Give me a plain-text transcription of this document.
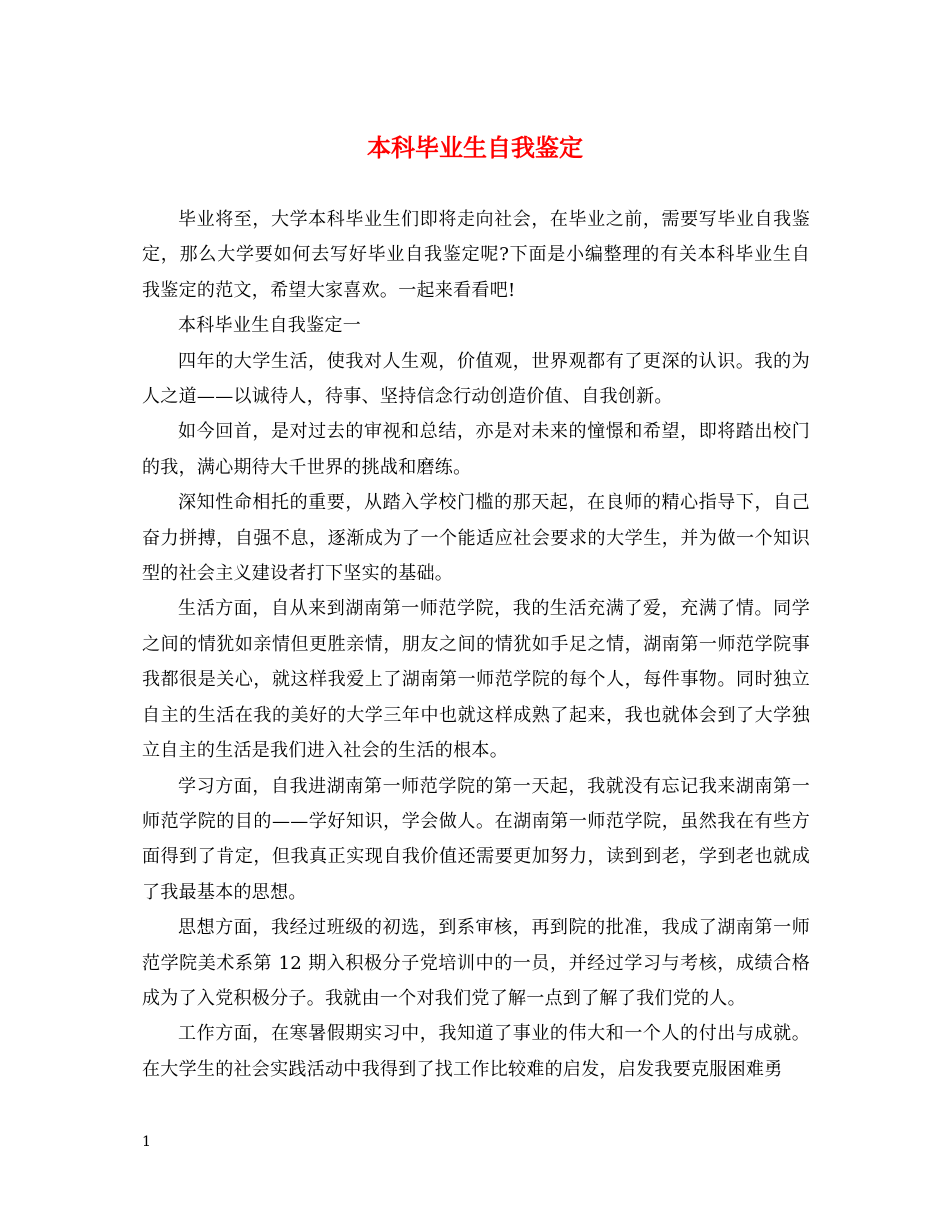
本科毕业生自我鉴定

毕业将至，大学本科毕业生们即将走向社会，在毕业之前，需要写毕业自我鉴定，那么大学要如何去写好毕业自我鉴定呢?下面是小编整理的有关本科毕业生自我鉴定的范文，希望大家喜欢。一起来看看吧!

本科毕业生自我鉴定一

四年的大学生活，使我对人生观，价值观，世界观都有了更深的认识。我的为人之道——以诚待人，待事、坚持信念行动创造价值、自我创新。

如今回首，是对过去的审视和总结，亦是对未来的憧憬和希望，即将踏出校门的我，满心期待大千世界的挑战和磨练。

深知性命相托的重要，从踏入学校门槛的那天起，在良师的精心指导下，自己奋力拼搏，自强不息，逐渐成为了一个能适应社会要求的大学生，并为做一个知识型的社会主义建设者打下坚实的基础。

生活方面，自从来到湖南第一师范学院，我的生活充满了爱，充满了情。同学之间的情犹如亲情但更胜亲情，朋友之间的情犹如手足之情，湖南第一师范学院事我都很是关心，就这样我爱上了湖南第一师范学院的每个人，每件事物。同时独立自主的生活在我的美好的大学三年中也就这样成熟了起来，我也就体会到了大学独立自主的生活是我们进入社会的生活的根本。

学习方面，自我进湖南第一师范学院的第一天起，我就没有忘记我来湖南第一师范学院的目的——学好知识，学会做人。在湖南第一师范学院，虽然我在有些方面得到了肯定，但我真正实现自我价值还需要更加努力，读到到老，学到老也就成了我最基本的思想。

思想方面，我经过班级的初选，到系审核，再到院的批准，我成了湖南第一师范学院美术系第 12 期入积极分子党培训中的一员，并经过学习与考核，成绩合格成为了入党积极分子。我就由一个对我们党了解一点到了解了我们党的人。

工作方面，在寒暑假期实习中，我知道了事业的伟大和一个人的付出与成就。在大学生的社会实践活动中我得到了找工作比较难的启发，启发我要克服困难勇

1
